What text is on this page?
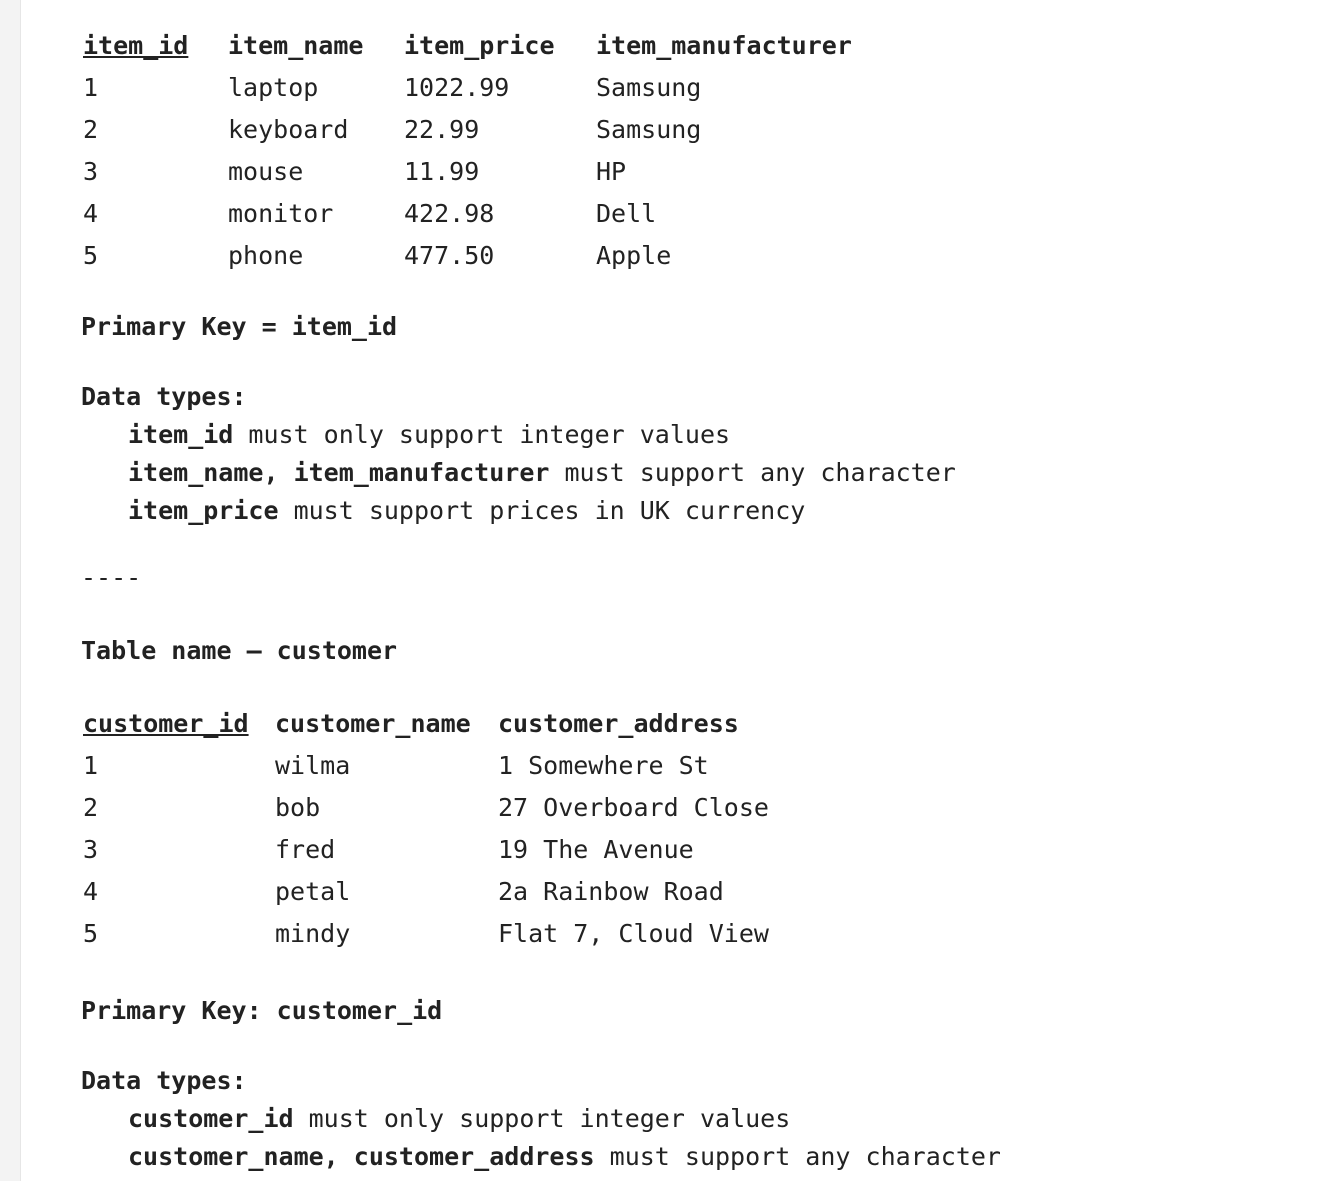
item_id	item_name	item_price	item_manufacturer
1	laptop	1022.99	Samsung
2	keyboard	22.99	Samsung
3	mouse	11.99	HP
4	monitor	422.98	Dell
5	phone	477.50	Apple
Primary Key = item_id
Data types:
item_id must only support integer values
item_name, item_manufacturer must support any character
item_price must support prices in UK currency
----
Table name – customer
customer_id	customer_name	customer_address
1	wilma	1 Somewhere St
2	bob	27 Overboard Close
3	fred	19 The Avenue
4	petal	2a Rainbow Road
5	mindy	Flat 7, Cloud View
Primary Key: customer_id
Data types:
customer_id must only support integer values
customer_name, customer_address must support any character
